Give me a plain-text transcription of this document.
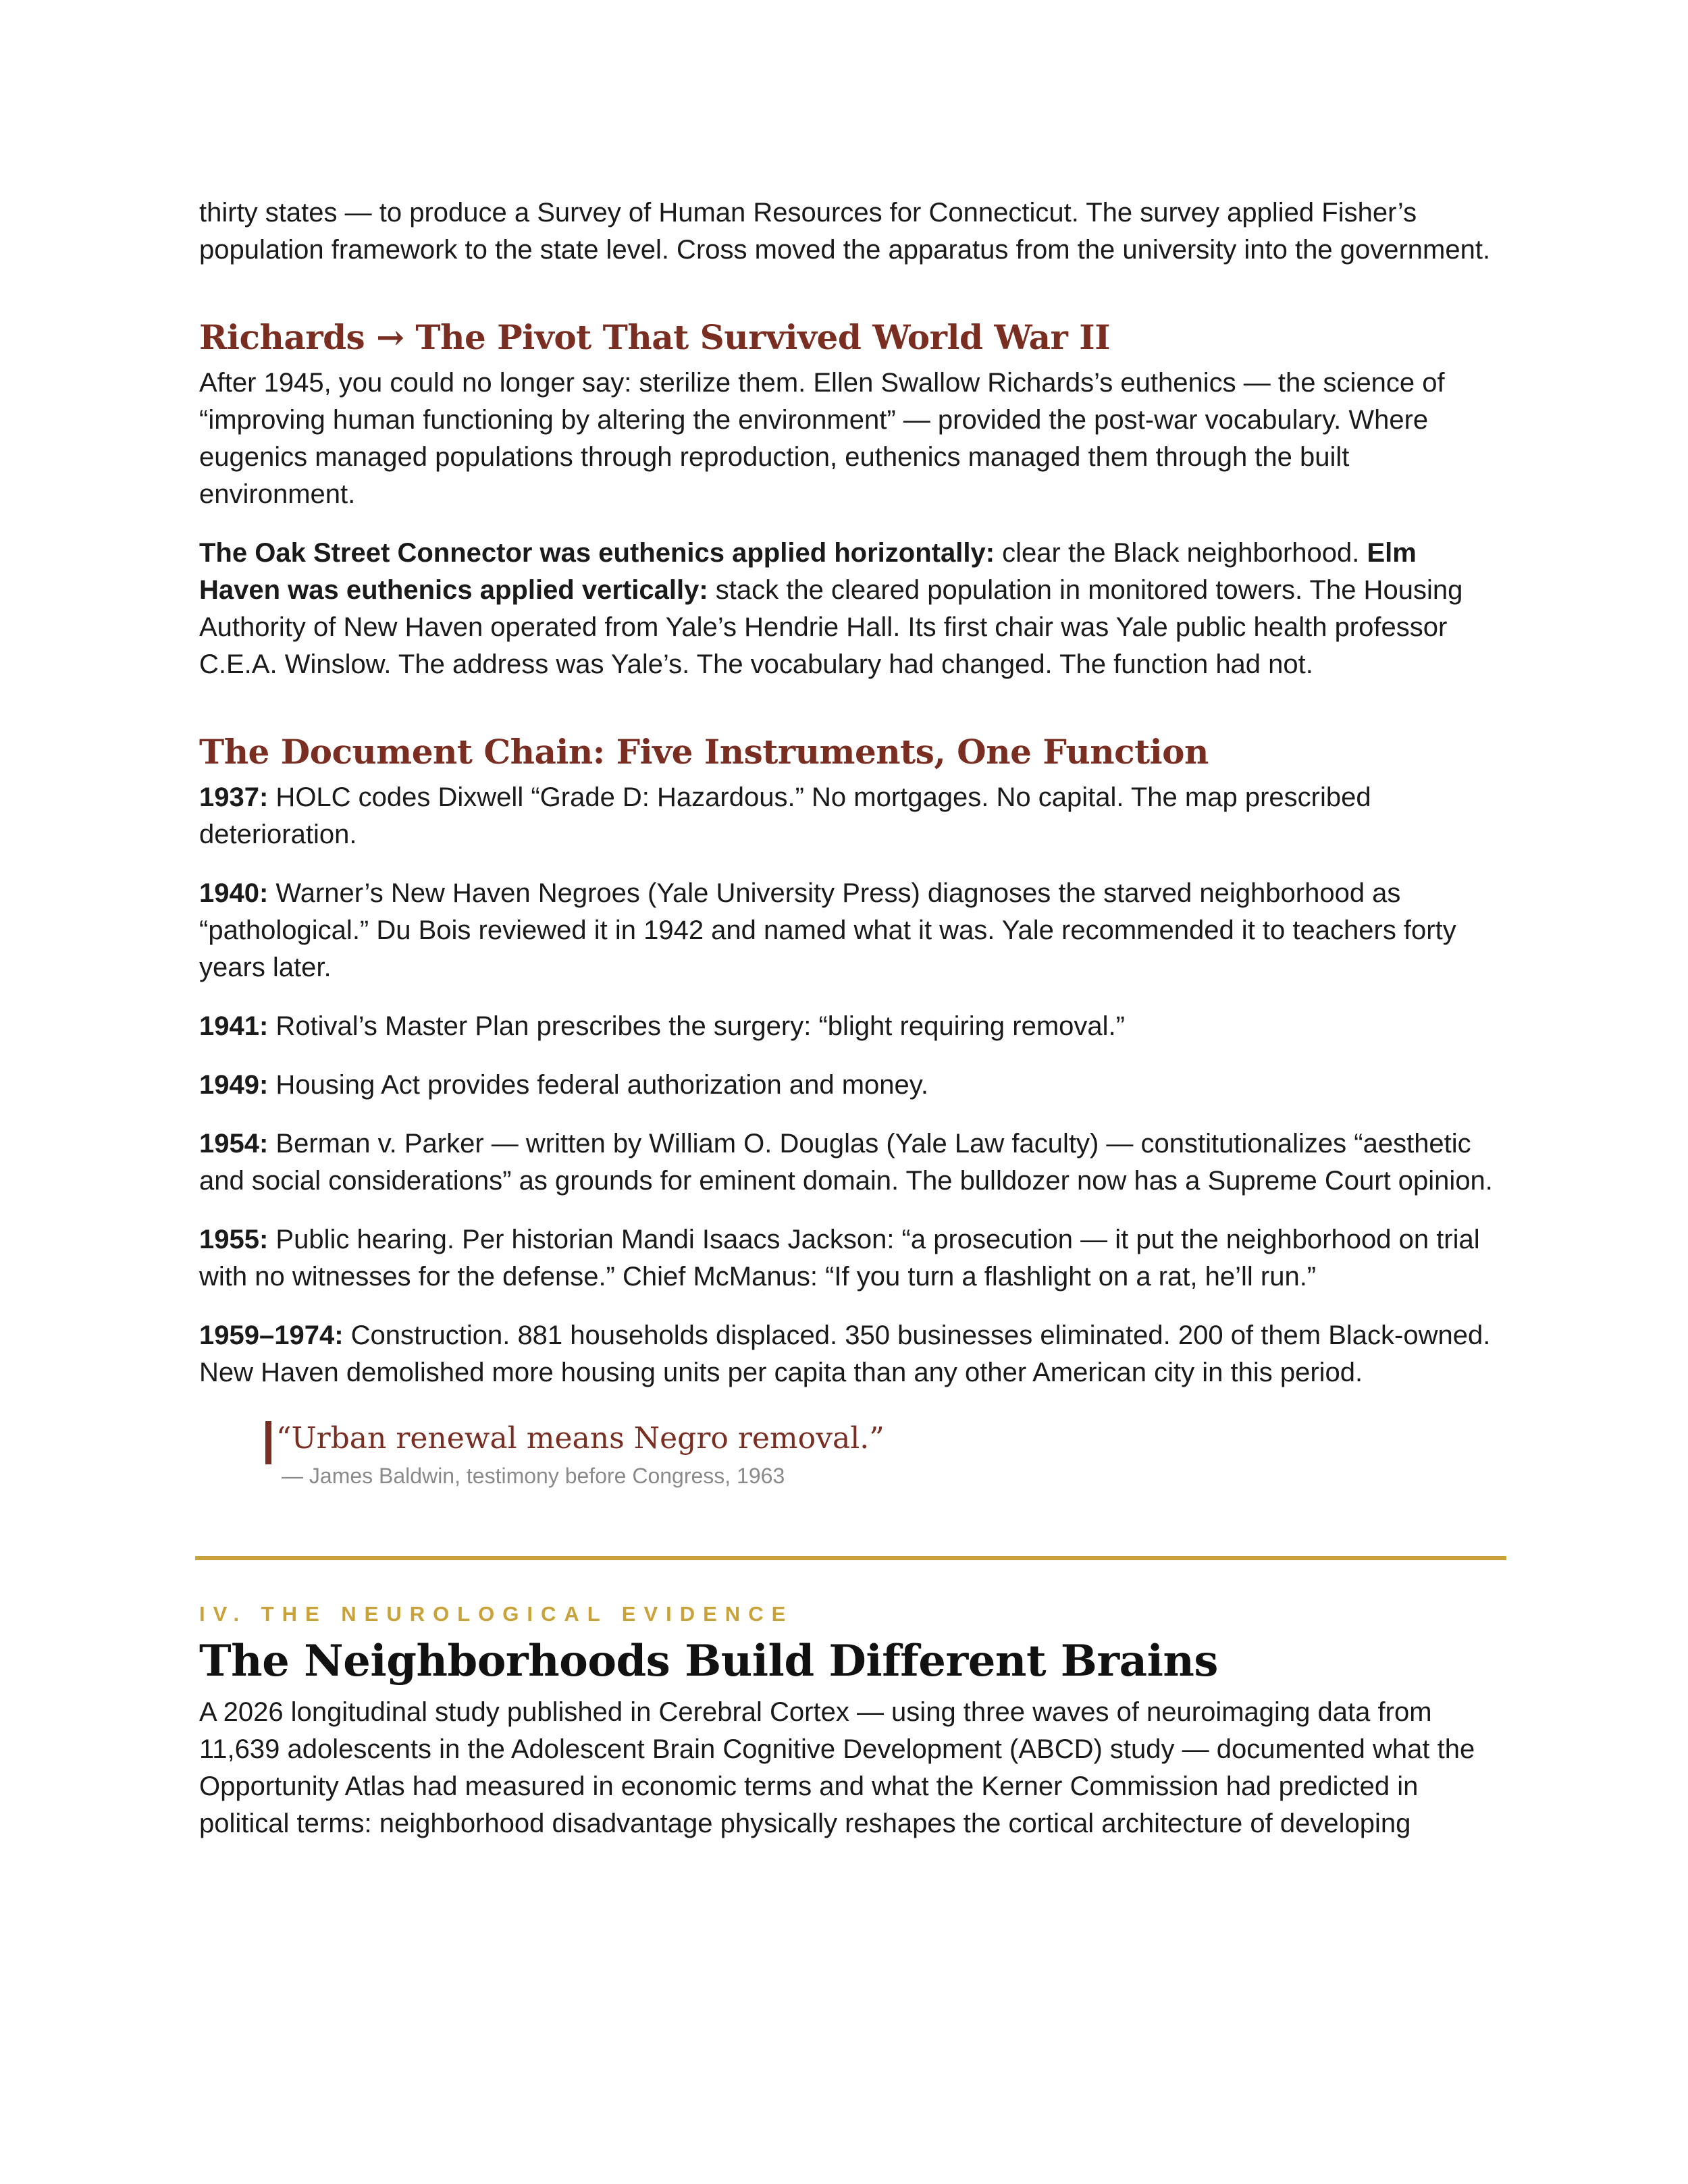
thirty states — to produce a Survey of Human Resources for Connecticut. The survey applied Fisher’s population framework to the state level. Cross moved the apparatus from the university into the government.

Richards → The Pivot That Survived World War II

After 1945, you could no longer say: sterilize them. Ellen Swallow Richards’s euthenics — the science of “improving human functioning by altering the environment” — provided the post-war vocabulary. Where eugenics managed populations through reproduction, euthenics managed them through the built environment.

The Oak Street Connector was euthenics applied horizontally: clear the Black neighborhood. Elm Haven was euthenics applied vertically: stack the cleared population in monitored towers. The Housing Authority of New Haven operated from Yale’s Hendrie Hall. Its first chair was Yale public health professor C.E.A. Winslow. The address was Yale’s. The vocabulary had changed. The function had not.

The Document Chain: Five Instruments, One Function

1937: HOLC codes Dixwell “Grade D: Hazardous.” No mortgages. No capital. The map prescribed deterioration.

1940: Warner’s New Haven Negroes (Yale University Press) diagnoses the starved neighborhood as “pathological.” Du Bois reviewed it in 1942 and named what it was. Yale recommended it to teachers forty years later.

1941: Rotival’s Master Plan prescribes the surgery: “blight requiring removal.”

1949: Housing Act provides federal authorization and money.

1954: Berman v. Parker — written by William O. Douglas (Yale Law faculty) — constitutionalizes “aesthetic and social considerations” as grounds for eminent domain. The bulldozer now has a Supreme Court opinion.

1955: Public hearing. Per historian Mandi Isaacs Jackson: “a prosecution — it put the neighborhood on trial with no witnesses for the defense.” Chief McManus: “If you turn a flashlight on a rat, he’ll run.”

1959–1974: Construction. 881 households displaced. 350 businesses eliminated. 200 of them Black-owned. New Haven demolished more housing units per capita than any other American city in this period.

“Urban renewal means Negro removal.”
— James Baldwin, testimony before Congress, 1963
IV. THE NEUROLOGICAL EVIDENCE
The Neighborhoods Build Different Brains

A 2026 longitudinal study published in Cerebral Cortex — using three waves of neuroimaging data from 11,639 adolescents in the Adolescent Brain Cognitive Development (ABCD) study — documented what the Opportunity Atlas had measured in economic terms and what the Kerner Commission had predicted in political terms: neighborhood disadvantage physically reshapes the cortical architecture of developing
